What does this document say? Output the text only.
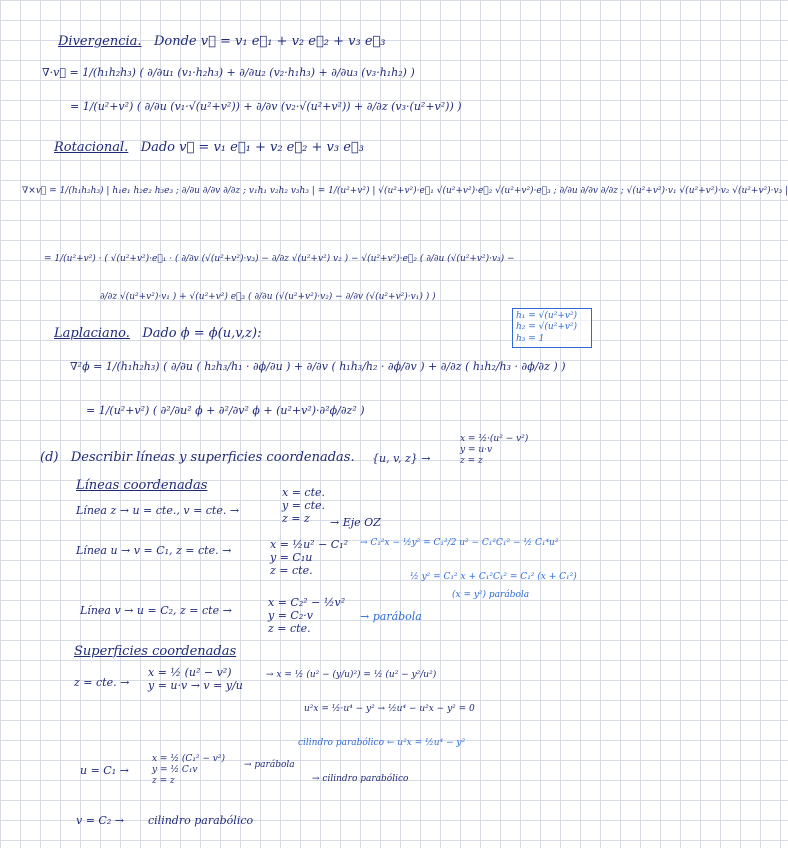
Divergencia. Donde v⃗ = v₁ e⃗₁ + v₂ e⃗₂ + v₃ e⃗₃
∇·v⃗ = 1/(h₁h₂h₃) ( ∂/∂u₁ (v₁·h₂h₃) + ∂/∂u₂ (v₂·h₁h₃) + ∂/∂u₃ (v₃·h₁h₂) )
= 1/(u²+v²) ( ∂/∂u (v₁·√(u²+v²)) + ∂/∂v (v₂·√(u²+v²)) + ∂/∂z (v₃·(u²+v²)) )
Rotacional. Dado v⃗ = v₁ e⃗₁ + v₂ e⃗₂ + v₃ e⃗₃
∇×v⃗ = 1/(h₁h₂h₃) | h₁e₁ h₂e₂ h₃e₃ ; ∂/∂u ∂/∂v ∂/∂z ; v₁h₁ v₂h₂ v₃h₃ | = 1/(u²+v²) | √(u²+v²)·e⃗₁ √(u²+v²)·e⃗₂ √(u²+v²)·e⃗₃ ; ∂/∂u ∂/∂v ∂/∂z ; √(u²+v²)·v₁ √(u²+v²)·v₂ √(u²+v²)·v₃ |
= 1/(u²+v²) · ( √(u²+v²)·e⃗₁ · ( ∂/∂v (√(u²+v²)·v₃) − ∂/∂z √(u²+v²) v₂ ) − √(u²+v²)·e⃗₂ ( ∂/∂u (√(u²+v²)·v₃) −
∂/∂z √(u²+v²)·v₁ ) + √(u²+v²) e⃗₃ ( ∂/∂u (√(u²+v²)·v₂) − ∂/∂v (√(u²+v²)·v₁) ) )
h₁ = √(u²+v²)
h₂ = √(u²+v²)
h₃ = 1
Laplaciano. Dado ϕ = ϕ(u,v,z):
∇²ϕ = 1/(h₁h₂h₃) ( ∂/∂u ( h₂h₃/h₁ · ∂ϕ/∂u ) + ∂/∂v ( h₁h₃/h₂ · ∂ϕ/∂v ) + ∂/∂z ( h₁h₂/h₃ · ∂ϕ/∂z ) )
= 1/(u²+v²) ( ∂²/∂u² ϕ + ∂²/∂v² ϕ + (u²+v²)·∂²ϕ/∂z² )
(d) Describir líneas y superficies coordenadas. {u, v, z} →
x = ½·(u² − v²)
y = u·v
z = z
Líneas coordenadas
Línea z → u = cte., v = cte. →
x = cte.
y = cte.
z = z	→ Eje OZ
Línea u → v = C₁, z = cte. →	x = ½u² − C₁²
y = C₁u
z = cte.
→ C₁²x − ½y² = C₁²/2 u² − C₁²C₁² − ½ C₁⁴u²
½ y² = C₁² x + C₁²C₁² = C₁² (x + C₁²)
(x = y²) parábola
Línea v → u = C₂, z = cte →
x = C₂² − ½v²
y = C₂·v
z = cte.
→ parábola
Superficies coordenadas
z = cte. →
x = ½ (u² − v²)
y = u·v → v = y/u
→ x = ½ (u² − (y/u)²) = ½ (u² − y²/u²)
u²x = ½·u⁴ − y² → ½u⁴ − u²x − y² = 0
cilindro parabólico ← u²x = ½u⁴ − y²
u = C₁ →
x = ½ (C₁² − v²)
y = ½ C₁v
z = z
→ parábola
→ cilindro parabólico
v = C₂ → cilindro parabólico
